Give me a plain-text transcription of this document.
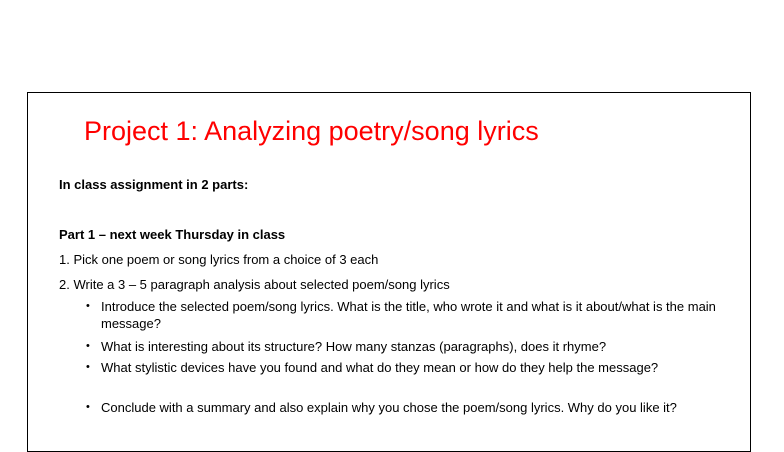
Project 1: Analyzing poetry/song lyrics

In class assignment in 2 parts:

Part 1 – next week Thursday in class

1. Pick one poem or song lyrics from a choice of 3 each

2. Write a 3 – 5 paragraph analysis about selected poem/song lyrics

• Introduce the selected poem/song lyrics. What is the title, who wrote it and what is it about/what is the main message?
• What is interesting about its structure? How many stanzas (paragraphs), does it rhyme?
• What stylistic devices have you found and what do they mean or how do they help the message?
• Conclude with a summary and also explain why you chose the poem/song lyrics. Why do you like it?
